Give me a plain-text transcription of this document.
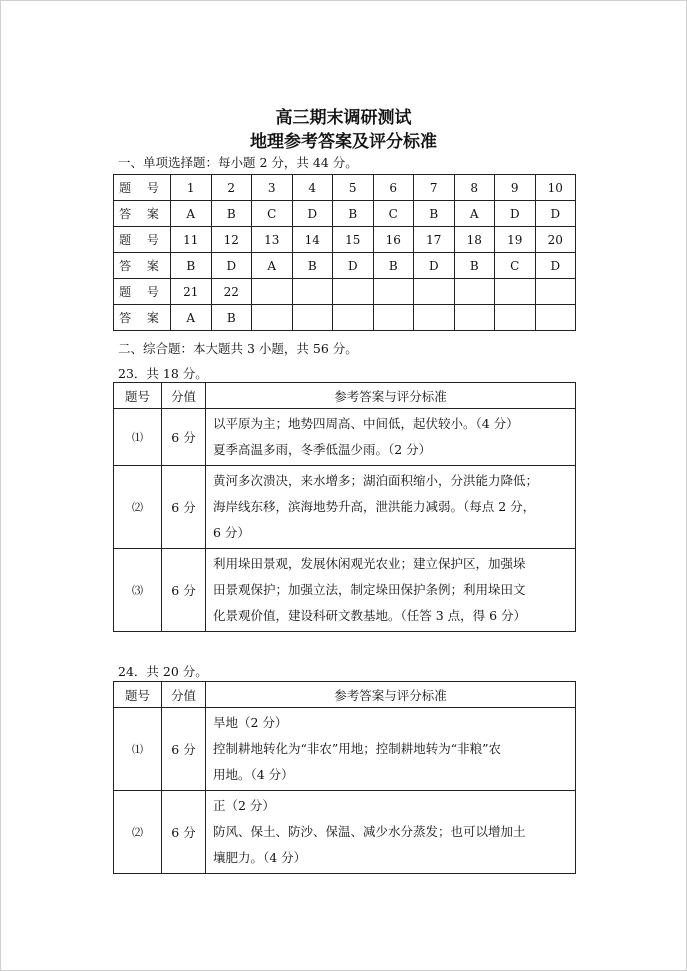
高三期末调研测试
地理参考答案及评分标准
一、单项选择题：每小题 2 分，共 44 分。
题 号	1	2	3	4	5	6	7	8	9	10
答 案	A	B	C	D	B	C	B	A	D	D
题 号	11	12	13	14	15	16	17	18	19	20
答 案	B	D	A	B	D	B	D	B	C	D
题 号	21	22								
答 案	A	B								
二、综合题：本大题共 3 小题，共 56 分。
23．共 18 分。
题号	分值	参考答案与评分标准
⑴	6 分	以平原为主；地势四周高、中间低，起伏较小。（4 分）
夏季高温多雨，冬季低温少雨。（2 分）

⑵	6 分	黄河多次溃决，来水增多；湖泊面积缩小，分洪能力降低；
海岸线东移，滨海地势升高，泄洪能力减弱。（每点 2 分，
6 分）

⑶	6 分	利用垛田景观，发展休闲观光农业；建立保护区，加强垛
田景观保护；加强立法，制定垛田保护条例；利用垛田文
化景观价值，建设科研文教基地。（任答 3 点，得 6 分）
24．共 20 分。
题号	分值	参考答案与评分标准
⑴	6 分	旱地（2 分）
控制耕地转化为“非农”用地；控制耕地转为“非粮”农
用地。（4 分）

⑵	6 分	正（2 分）
防风、保土、防沙、保温、减少水分蒸发；也可以增加土
壤肥力。（4 分）
